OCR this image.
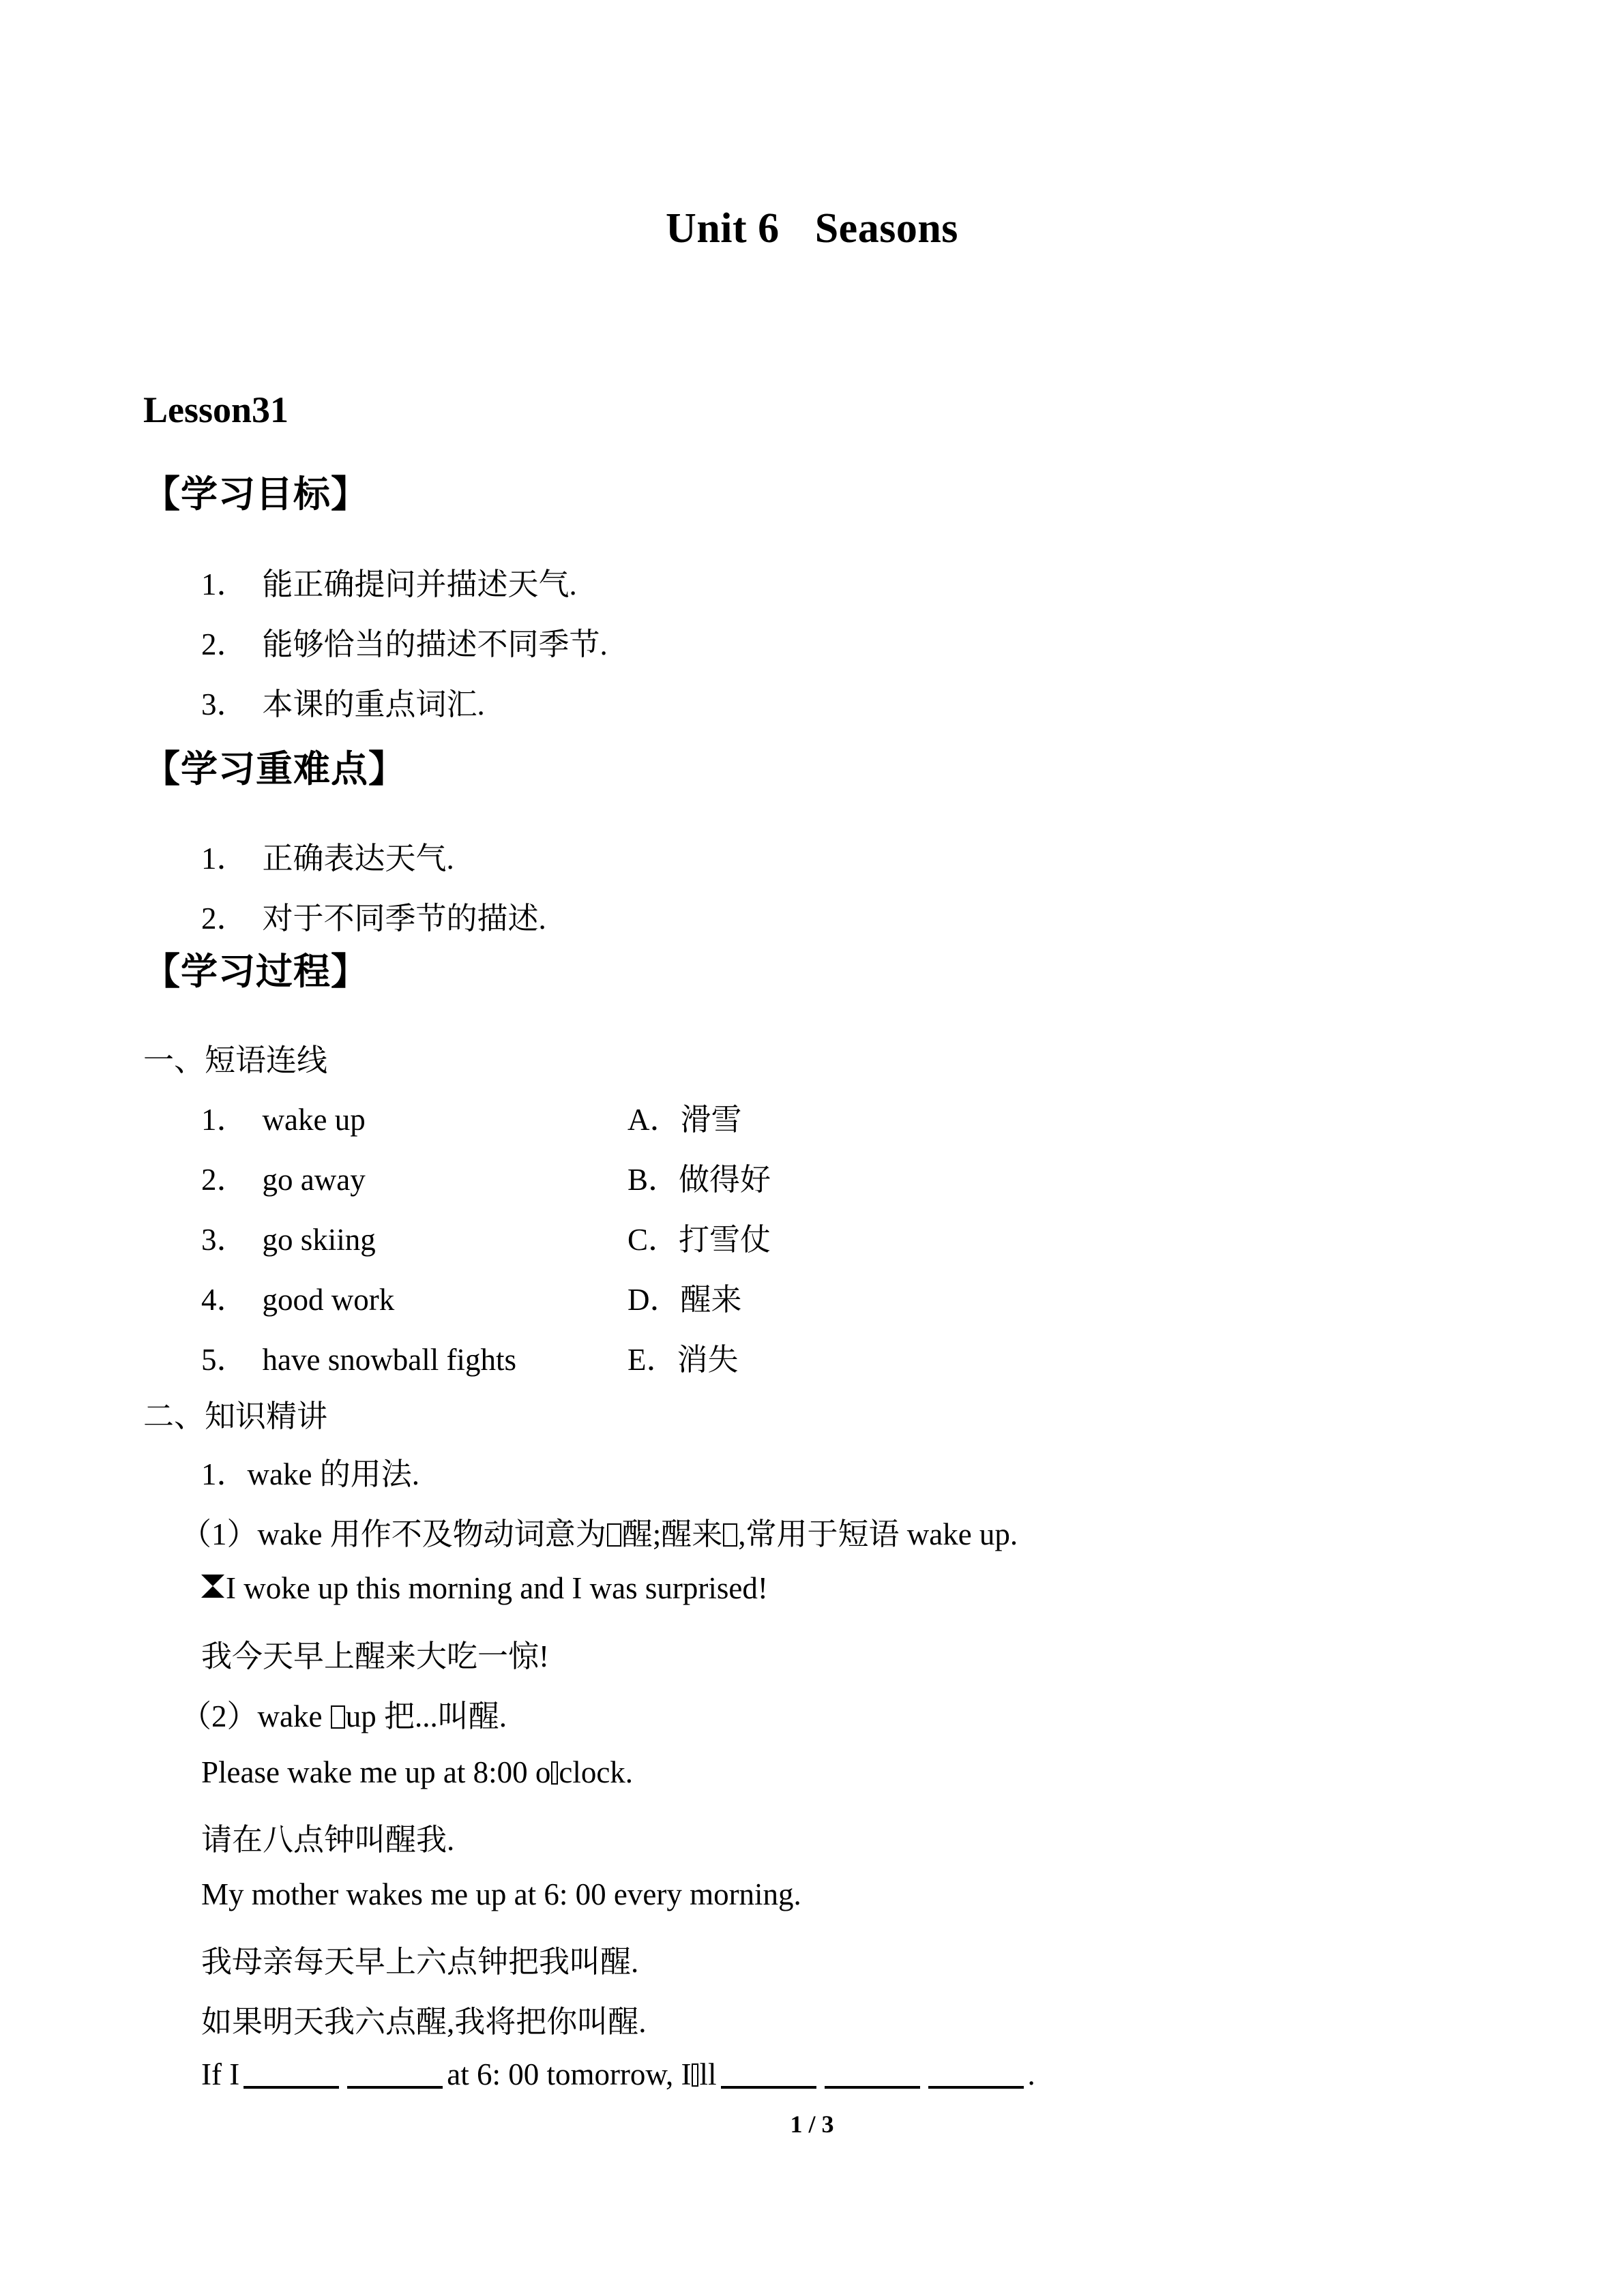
Unit 6 Seasons
Lesson31
【学习目标】
1． 能正确提问并描述天气.
2． 能够恰当的描述不同季节.
3． 本课的重点词汇.
【学习重难点】
1． 正确表达天气.
2． 对于不同季节的描述.
【学习过程】
一、短语连线
1． wake up	A．滑雪
2． go away	B．做得好
3． go skiing	C．打雪仗
4． good work	D．醒来
5． have snowball fights	E．消失
二、知识精讲
1．wake 的用法.
（1）wake 用作不及物动词意为 醒;醒来 ,常用于短语 wake up.
I woke up this morning and I was surprised!
我今天早上醒来大吃一惊!
（2）wake up 把...叫醒.
Please wake me up at 8:00 o clock.
请在八点钟叫醒我.
My mother wakes me up at 6: 00 every morning.
我母亲每天早上六点钟把我叫醒.
如果明天我六点醒,我将把你叫醒.
If I	at 6: 00 tomorrow, I ll	.
1 / 3
